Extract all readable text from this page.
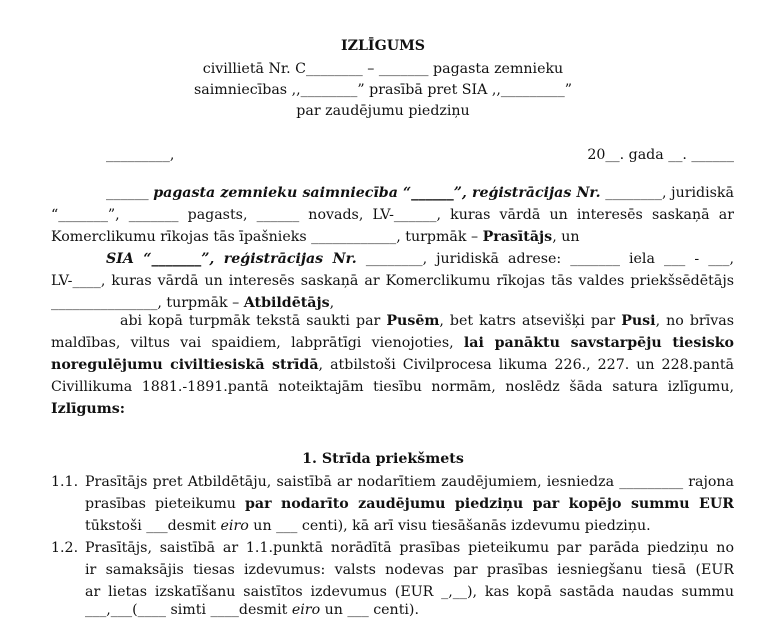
IZLĪGUMS
civillietā Nr. C________ – _______ pagasta zemnieku
saimniecības ,,________” prasībā pret SIA ,,_________”
par zaudējumu piedziņu
_________,	20__. gada __. ______
______ pagasta zemnieku saimniecība “______”, reģistrācijas Nr. ________, juridiskā
“_______”, _______ pagasts, ______ novads, LV-______, kuras vārdā un interesēs saskaņā ar
Komerclikumu rīkojas tās īpašnieks ____________, turpmāk – Prasītājs, un
SIA “_______”, reģistrācijas Nr. ________, juridiskā adrese: _______ iela ___ - ___,
LV-____, kuras vārdā un interesēs saskaņā ar Komerclikumu rīkojas tās valdes priekšsēdētājs
_______________, turpmāk – Atbildētājs,
abi kopā turpmāk tekstā saukti par Pusēm, bet katrs atsevišķi par Pusi, no brīvas
maldības, viltus vai spaidiem, labprātīgi vienojoties, lai panāktu savstarpēju tiesisko
noregulējumu civiltiesiskā strīdā, atbilstoši Civilprocesa likuma 226., 227. un 228.pantā
Civillikuma 1881.-1891.pantā noteiktajām tiesību normām, noslēdz šāda satura izlīgumu,
Izlīgums:
1. Strīda priekšmets
1.1. Prasītājs pret Atbildētāju, saistībā ar nodarītiem zaudējumiem, iesniedza _________ rajona
prasības pieteikumu par nodarīto zaudējumu piedziņu par kopējo summu EUR
tūkstoši ___desmit eiro un ___ centi), kā arī visu tiesāšanās izdevumu piedziņu.
1.2. Prasītājs, saistībā ar 1.1.punktā norādītā prasības pieteikumu par parāda piedziņu no
ir samaksājis tiesas izdevumus: valsts nodevas par prasības iesniegšanu tiesā (EUR
ar lietas izskatīšanu saistītos izdevumus (EUR _,__), kas kopā sastāda naudas summu
___,___(____ simti ____desmit eiro un ___ centi).
